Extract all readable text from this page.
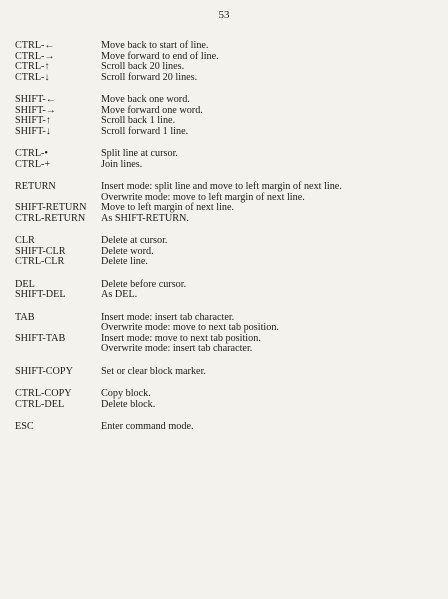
53
CTRL-←	Move back to start of line.
CTRL-→	Move forward to end of line.
CTRL-↑	Scroll back 20 lines.
CTRL-↓	Scroll forward 20 lines.
SHIFT-←	Move back one word.
SHIFT-→	Move forward one word.
SHIFT-↑	Scroll back 1 line.
SHIFT-↓	Scroll forward 1 line.
CTRL-•	Split line at cursor.
CTRL-+	Join lines.
RETURN	Insert mode: split line and move to left margin of next line.
Overwrite mode: move to left margin of next line.
SHIFT-RETURN	Move to left margin of next line.
CTRL-RETURN	As SHIFT-RETURN.
CLR	Delete at cursor.
SHIFT-CLR	Delete word.
CTRL-CLR	Delete line.
DEL	Delete before cursor.
SHIFT-DEL	As DEL.
TAB	Insert mode: insert tab character.
Overwrite mode: move to next tab position.
SHIFT-TAB	Insert mode: move to next tab position.
Overwrite mode: insert tab character.
SHIFT-COPY	Set or clear block marker.
CTRL-COPY	Copy block.
CTRL-DEL	Delete block.
ESC	Enter command mode.
